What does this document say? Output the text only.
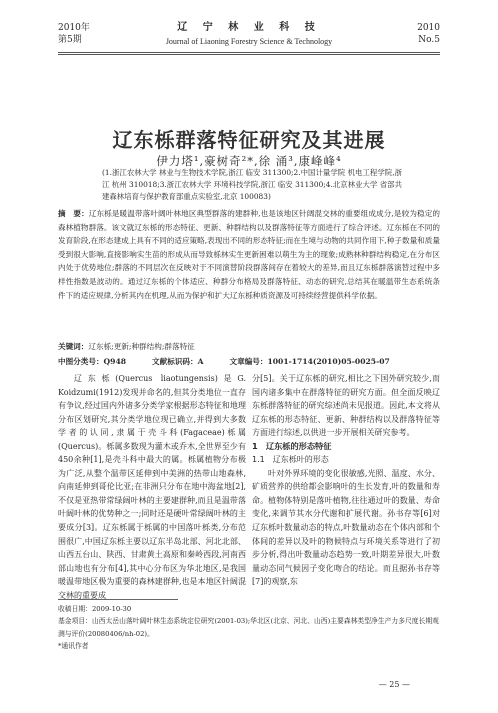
2010年
第5期
辽 宁 林 业 科 技
Journal of Liaoning Forestry Science & Technology
2010
No.5
辽东栎群落特征研究及其进展
伊力塔¹,豪树奇²*,徐 涌³,康峰峰⁴
(1.浙江农林大学 林业与生物技术学院,浙江 临安 311300;2.中国计量学院 机电工程学院,浙江 杭州 310018;3.浙江农林大学 环境科技学院,浙江 临安 311300;4.北京林业大学 省部共建森林培育与保护教育部重点实验室,北京 100083)
摘　要：辽东栎是暖温带落叶阔叶林地区典型群落的建群种,也是该地区针阔混交林的重要组成成分,是较为稳定的森林植物群落。该文就辽东栎的形态特征、更新、种群结构以及群落特征等方面进行了综合评述。辽东栎在不同的发育阶段,在形态建成上具有不同的适应策略,表现出不同的形态特征;而在生境与动物的共同作用下,种子数量和质量受到很大影响,直接影响实生苗的形成从而导致栎林实生更新困难以萌生为主的现象;成熟林种群结构稳定,在分布区内处于优势地位;群落的不同层次在反映对于不同演替阶段群落间存在着较大的差异,而且辽东栎群落演替过程中多样性指数是波动的。通过辽东栎的个体适应、种群分布格局及群落特征、动态的研究,总结其在暖温带生态系统条件下的适应规律,分析其内在机理,从而为保护和扩大辽东栎种质资源及可持续经营提供科学依据。
关键词：辽东栎;更新;种群结构;群落特征
中图分类号：Q948	文献标识码：A	文章编号：1001-1714(2010)05-0025-07

辽东栎(Quercus liaotungensis)是G. Koidzumi(1912)发现并命名的,但其分类地位一直存有争议,经过国内外诸多分类学家根据形态特征和地理分布区划研究,其分类学地位现已确立,并得到大多数学者的认同,隶属于壳斗科(Fagaceae)栎属(Quercus)。栎属多数现为灌木或乔木,全世界至少有450余种[1],是壳斗科中最大的属。栎属植物分布极为广泛,从整个温带区延伸到中美洲的热带山地森林,向南延伸到哥伦比亚;在非洲只分布在地中海盆地[2],不仅是亚热带常绿阔叶林的主要建群种,而且是温带落叶阔叶林的优势种之一;同时还是硬叶常绿阔叶林的主要成分[3]。辽东栎属于栎属的中国落叶栎类,分布范围很广,中国辽东栎主要以辽东半岛北部、河北北部、山西五台山、陕西、甘肃黄土高原和秦岭西段,河南西部山地也有分布[4],其中心分布区为华北地区,是我国暖温带地区极为重要的森林建群种,也是本地区针阔混交林的重要成

分[5]。关于辽东栎的研究,相比之下国外研究较少,而国内诸多集中在群落特征的研究方面。但全面反映辽东栎群落特征的研究综述尚未见报道。因此,本文将从辽东栎的形态特征、更新、种群结构以及群落特征等方面进行综述,以供进一步开展相关研究参考。

1　辽东栎的形态特征

1.1　辽东栎叶的形态

叶对外界环境的变化很敏感,光照、温度、水分、矿质营养的供给都会影响叶的生长发育,叶的数量和寿命。植物体特别是落叶植物,往往通过叶的数量、寿命变化,来调节其水分代谢和扩展代谢。孙书存等[6]对辽东栎叶数量动态的特点,叶数量动态在个体内部和个体间的差异以及叶的物候特点与环境关系等进行了初步分析,得出叶数量动态趋势一致,叶期差异很大,叶数量动态同气候因子变化吻合的结论。而且据孙书存等[7]的观察,东

收稿日期：2009-10-30
基金项目：山西太岳山落叶阔叶林生态系统定位研究(2001-03);华北区(北京、河北、山西)主要森林类型净生产力多尺度长期观测与评价(20080406/nh-02)。
*通讯作者
— 25 —
